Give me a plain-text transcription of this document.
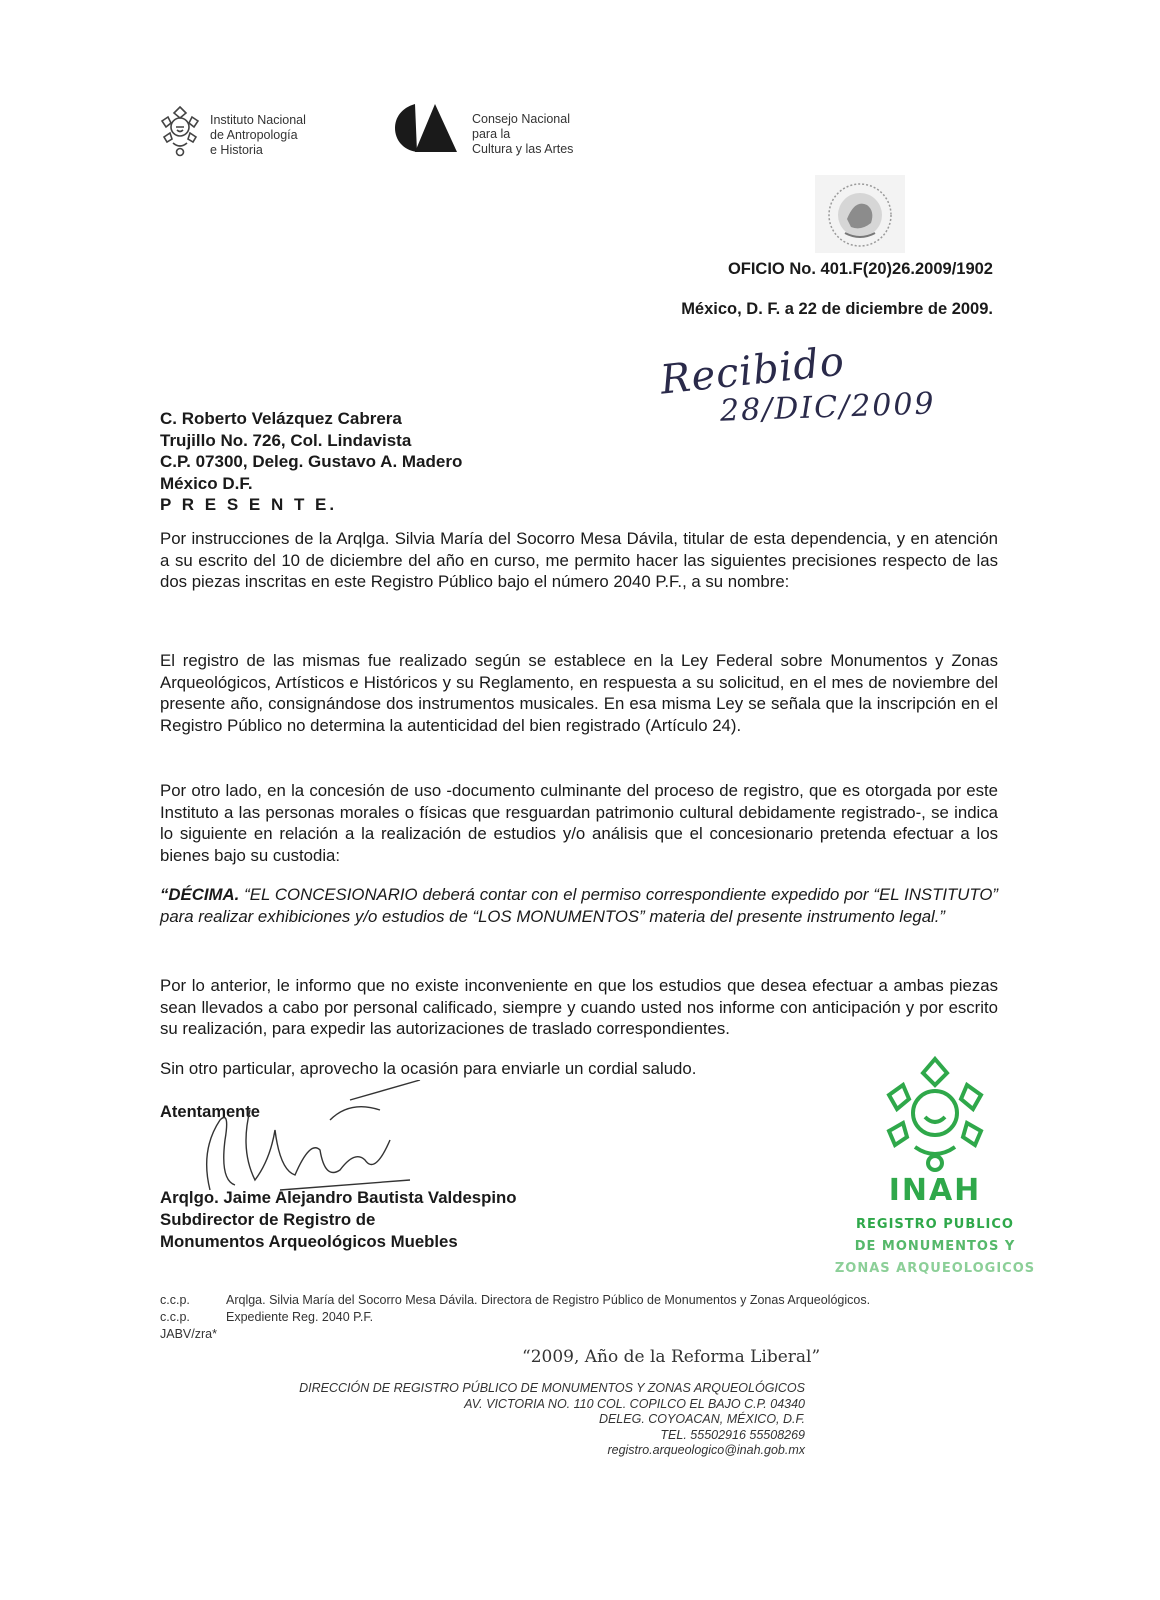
Instituto Nacional
de Antropología
e Historia
Consejo Nacional
para la
Cultura y las Artes
OFICIO No. 401.F(20)26.2009/1902
México, D. F. a 22 de diciembre de 2009.
Recibido
28/DIC/2009
C. Roberto Velázquez Cabrera
Trujillo No. 726, Col. Lindavista
C.P. 07300, Deleg. Gustavo A. Madero
México D.F.
P R E S E N T E.
Por instrucciones de la Arqlga. Silvia María del Socorro Mesa Dávila, titular de esta dependencia, y en atención a su escrito del 10 de diciembre del año en curso, me permito hacer las siguientes precisiones respecto de las dos piezas inscritas en este Registro Público bajo el número 2040 P.F., a su nombre:
El registro de las mismas fue realizado según se establece en la Ley Federal sobre Monumentos y Zonas Arqueológicos, Artísticos e Históricos y su Reglamento, en respuesta a su solicitud, en el mes de noviembre del presente año, consignándose dos instrumentos musicales. En esa misma Ley se señala que la inscripción en el Registro Público no determina la autenticidad del bien registrado (Artículo 24).
Por otro lado, en la concesión de uso -documento culminante del proceso de registro, que es otorgada por este Instituto a las personas morales o físicas que resguardan patrimonio cultural debidamente registrado-, se indica lo siguiente en relación a la realización de estudios y/o análisis que el concesionario pretenda efectuar a los bienes bajo su custodia:
“DÉCIMA. “EL CONCESIONARIO deberá contar con el permiso correspondiente expedido por “EL INSTITUTO” para realizar exhibiciones y/o estudios de “LOS MONUMENTOS” materia del presente instrumento legal.”
Por lo anterior, le informo que no existe inconveniente en que los estudios que desea efectuar a ambas piezas sean llevados a cabo por personal calificado, siempre y cuando usted nos informe con anticipación y por escrito su realización, para expedir las autorizaciones de traslado correspondientes.
Sin otro particular, aprovecho la ocasión para enviarle un cordial saludo.
Atentamente
Arqlgo. Jaime Alejandro Bautista Valdespino
Subdirector de Registro de
Monumentos Arqueológicos Muebles
INAH
REGISTRO PUBLICO
DE MONUMENTOS Y
ZONAS ARQUEOLOGICOS
c.c.p.	Arqlga. Silvia María del Socorro Mesa Dávila. Directora de Registro Público de Monumentos y Zonas Arqueológicos.
c.c.p.	Expediente Reg. 2040 P.F.
JABV/zra*
“2009, Año de la Reforma Liberal”
DIRECCIÓN DE REGISTRO PÚBLICO DE MONUMENTOS Y ZONAS ARQUEOLÓGICOS
AV. VICTORIA NO. 110 COL. COPILCO EL BAJO C.P. 04340
DELEG. COYOACAN, MÉXICO, D.F.
TEL. 55502916 55508269
registro.arqueologico@inah.gob.mx
